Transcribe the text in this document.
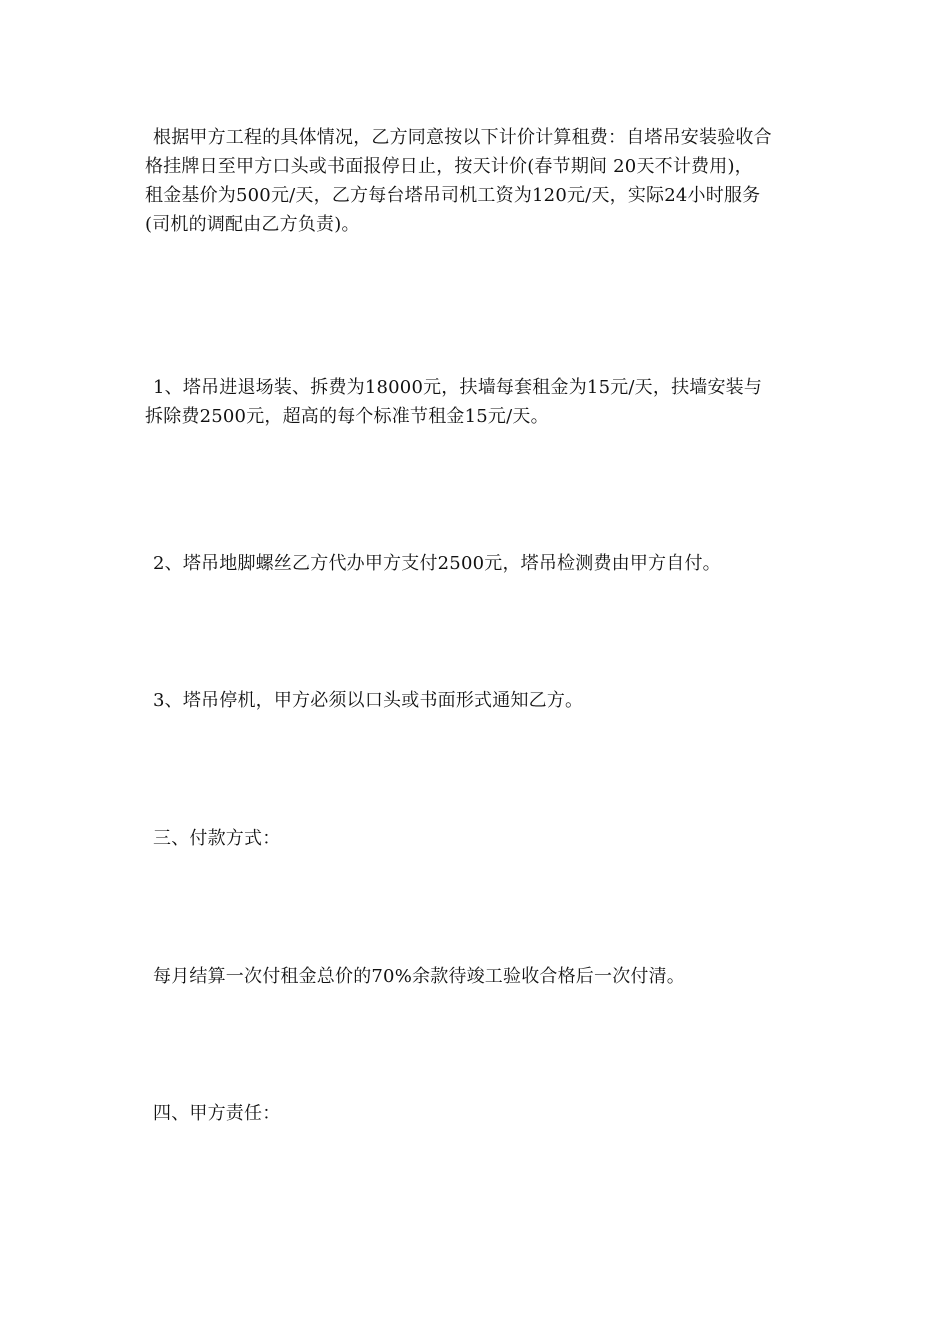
根据甲方工程的具体情况，乙方同意按以下计价计算租费：自塔吊安装验收合
格挂牌日至甲方口头或书面报停日止，按天计价(春节期间 20天不计费用)，
租金基价为500元/天，乙方每台塔吊司机工资为120元/天，实际24小时服务
(司机的调配由乙方负责)。

1、塔吊进退场装、拆费为18000元，扶墙每套租金为15元/天，扶墙安装与
拆除费2500元，超高的每个标准节租金15元/天。

2、塔吊地脚螺丝乙方代办甲方支付2500元，塔吊检测费由甲方自付。

3、塔吊停机，甲方必须以口头或书面形式通知乙方。

三、付款方式：

每月结算一次付租金总价的70%余款待竣工验收合格后一次付清。

四、甲方责任：
